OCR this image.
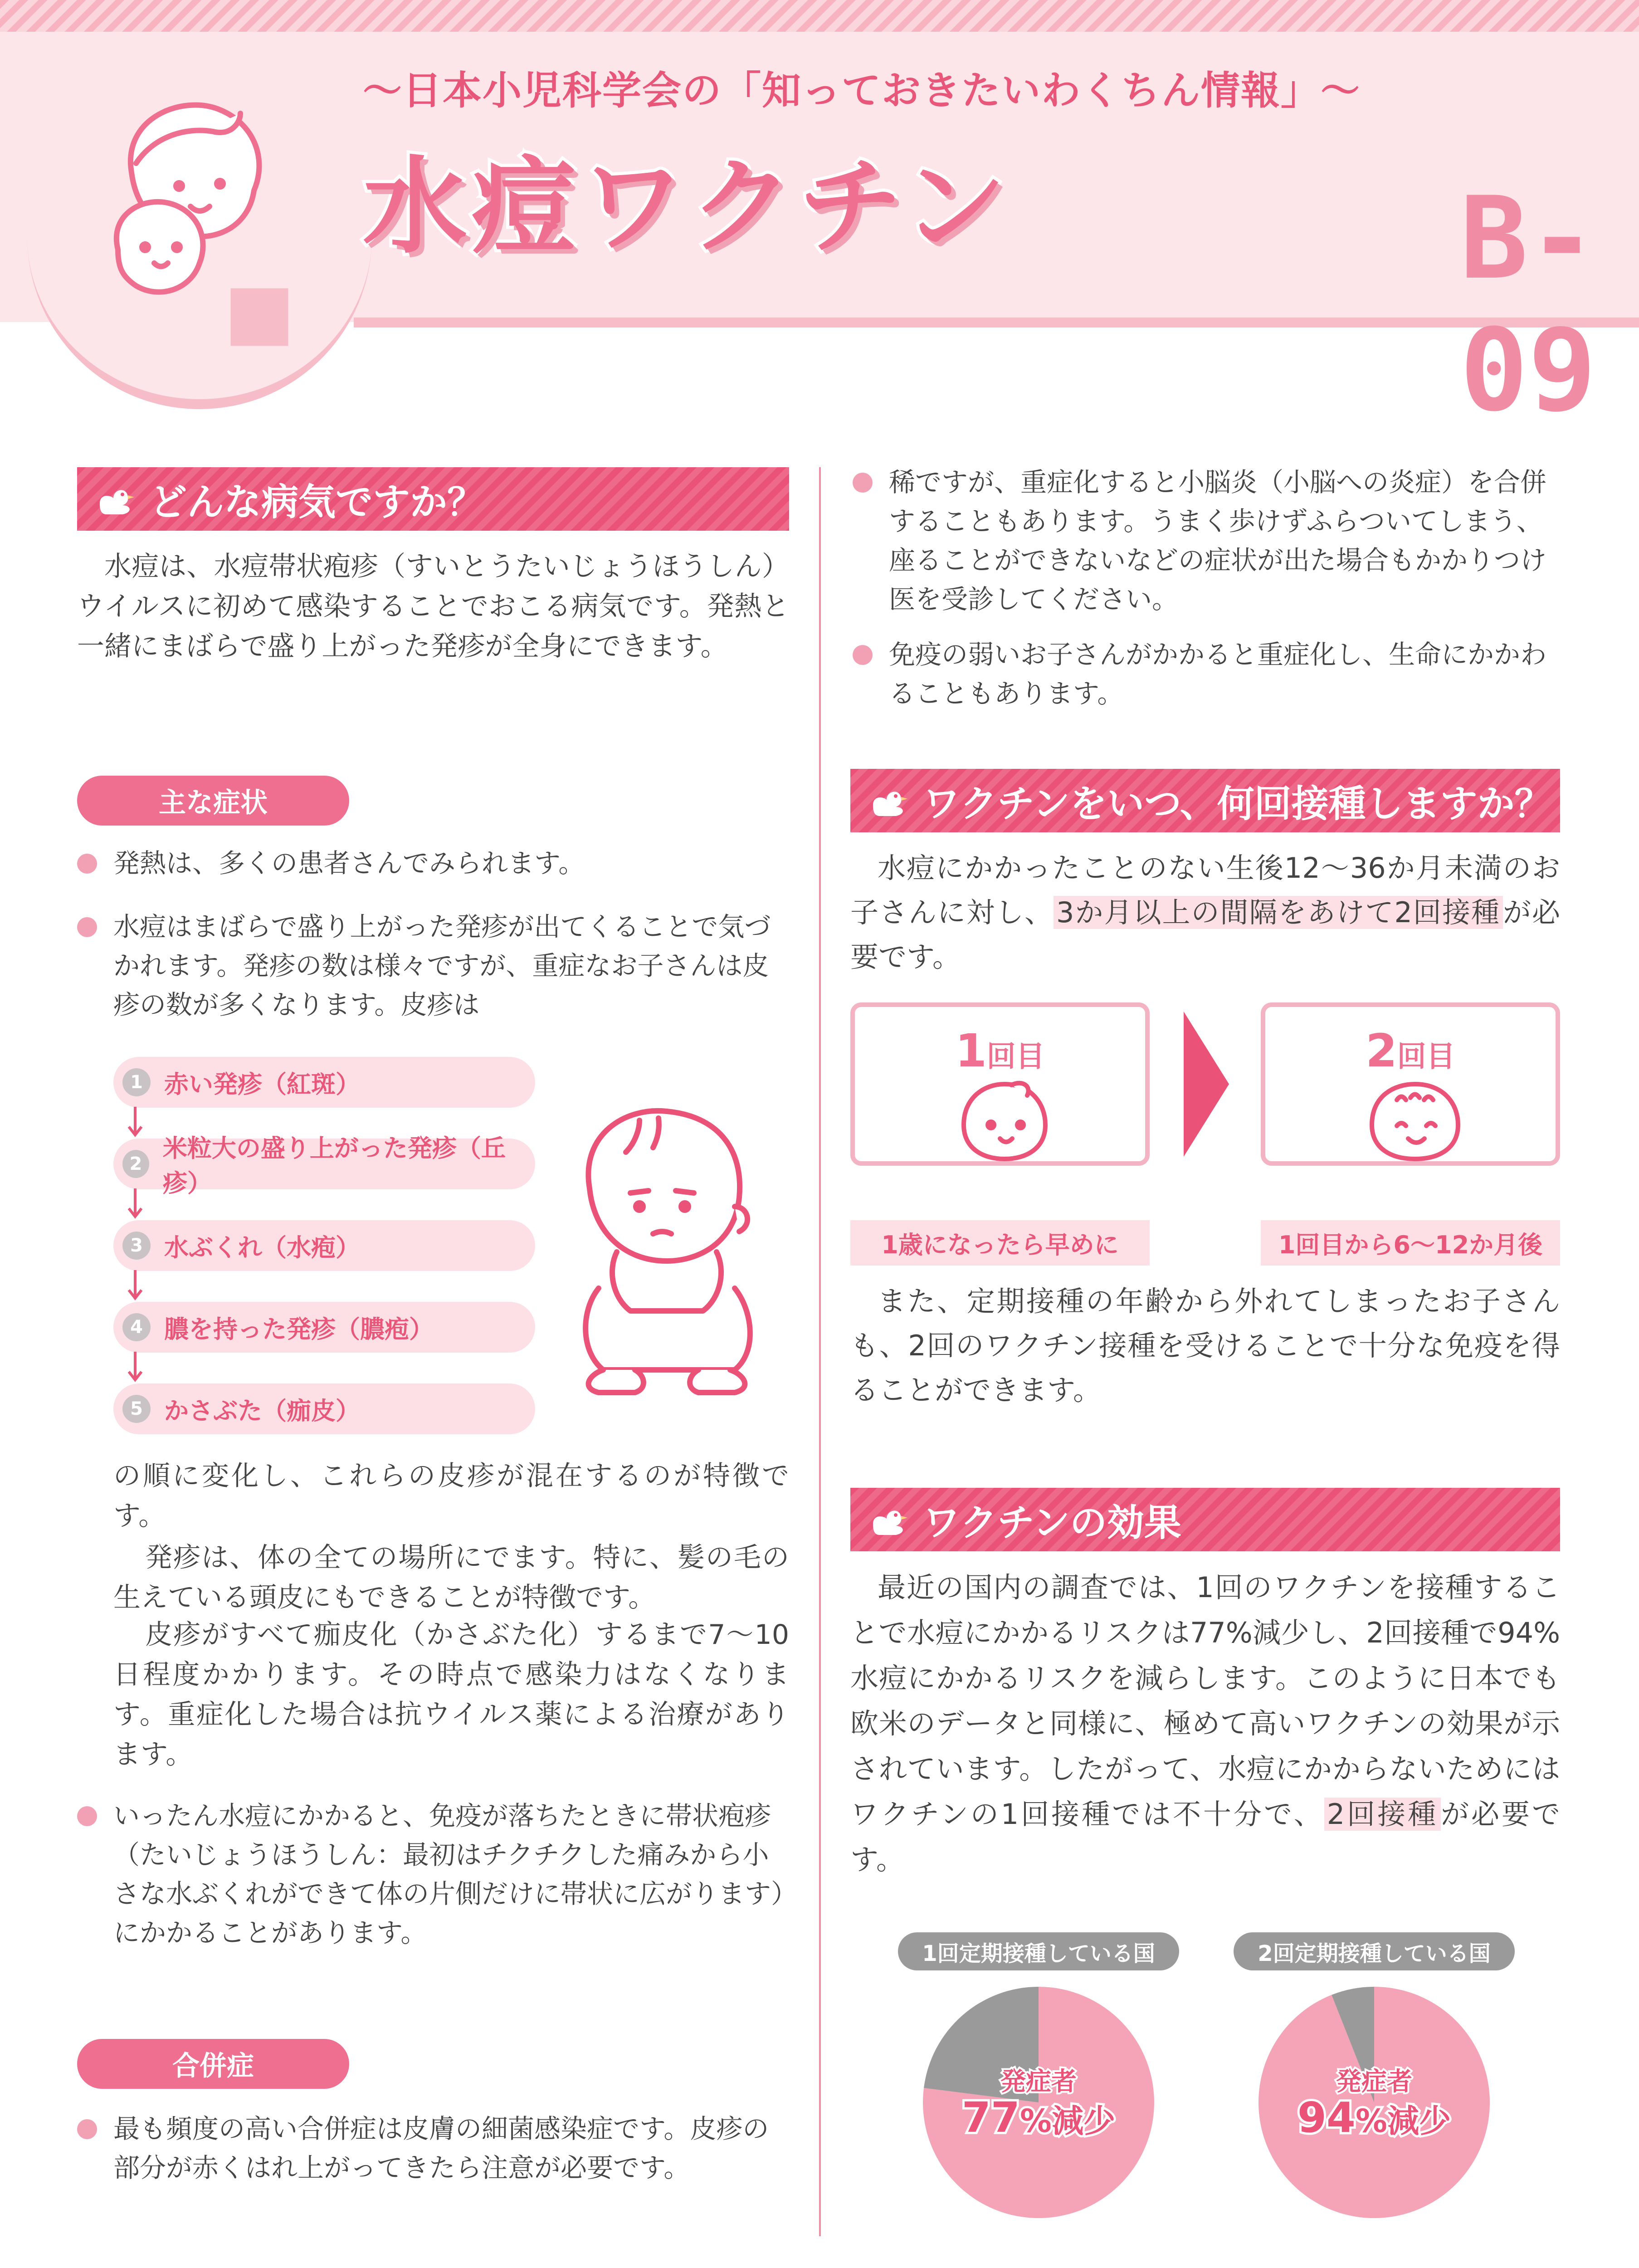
〜日本小児科学会の「知っておきたいわくちん情報」〜
水痘ワクチン	B-09
どんな病気ですか？
水痘は、水痘帯状疱疹（すいとうたいじょうほうしん）ウイルスに初めて感染することでおこる病気です。発熱と一緒にまばらで盛り上がった発疹が全身にできます。
主な症状
発熱は、多くの患者さんでみられます。
水痘はまばらで盛り上がった発疹が出てくることで気づかれます。発疹の数は様々ですが、重症なお子さんは皮疹の数が多くなります。皮疹は
1 赤い発疹（紅斑）
2
米粒大の盛り上がった発疹（丘疹）
3 水ぶくれ（水疱）
4 膿を持った発疹（膿疱）
5 かさぶた（痂皮）
の順に変化し、これらの皮疹が混在するのが特徴です。
発疹は、体の全ての場所にでます。特に、髪の毛の生えている頭皮にもできることが特徴です。
皮疹がすべて痂皮化（かさぶた化）するまで7〜10日程度かかります。その時点で感染力はなくなります。重症化した場合は抗ウイルス薬による治療があります。
いったん水痘にかかると、免疫が落ちたときに帯状疱疹（たいじょうほうしん：最初はチクチクした痛みから小さな水ぶくれができて体の片側だけに帯状に広がります）にかかることがあります。
合併症
最も頻度の高い合併症は皮膚の細菌感染症です。皮疹の部分が赤くはれ上がってきたら注意が必要です。
稀ですが、重症化すると小脳炎（小脳への炎症）を合併することもあります。うまく歩けずふらついてしまう、座ることができないなどの症状が出た場合もかかりつけ医を受診してください。
免疫の弱いお子さんがかかると重症化し、生命にかかわることもあります。
ワクチンをいつ、何回接種しますか？
水痘にかかったことのない生後12〜36か月未満のお子さんに対し、3か月以上の間隔をあけて2回接種が必要です。
1回目	2回目
1歳になったら早めに	1回目から6〜12か月後
また、定期接種の年齢から外れてしまったお子さんも、2回のワクチン接種を受けることで十分な免疫を得ることができます。
ワクチンの効果
最近の国内の調査では、1回のワクチンを接種することで水痘にかかるリスクは77%減少し、2回接種で94%水痘にかかるリスクを減らします。このように日本でも欧米のデータと同様に、極めて高いワクチンの効果が示されています。したがって、水痘にかからないためにはワクチンの1回接種では不十分で、2回接種が必要です。
1回定期接種している国	2回定期接種している国
発症者
77%減少
発症者
94%減少
